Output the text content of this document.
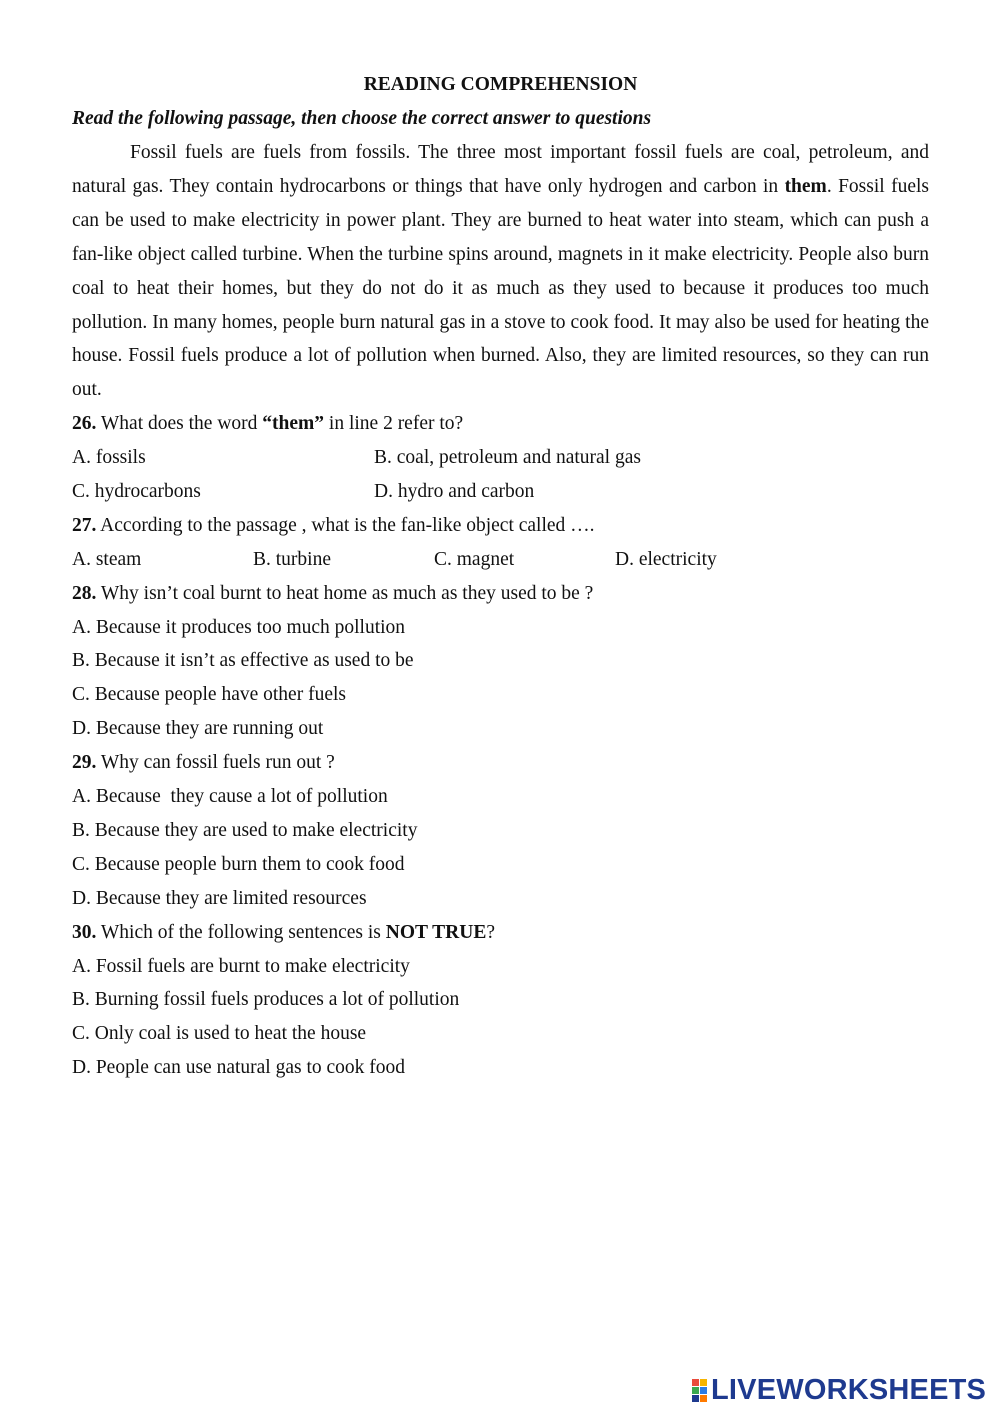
READING COMPREHENSION
Read the following passage, then choose the correct answer to questions

Fossil fuels are fuels from fossils. The three most important fossil fuels are coal, petroleum, and natural gas. They contain hydrocarbons or things that have only hydrogen and carbon in them. Fossil fuels can be used to make electricity in power plant. They are burned to heat water into steam, which can push a fan-like object called turbine. When the turbine spins around, magnets in it make electricity. People also burn coal to heat their homes, but they do not do it as much as they used to because it produces too much pollution. In many homes, people burn natural gas in a stove to cook food. It may also be used for heating the house. Fossil fuels produce a lot of pollution when burned. Also, they are limited resources, so they can run out.

26. What does the word “them” in line 2 refer to?
A. fossils	B. coal, petroleum and natural gas
C. hydrocarbons	D. hydro and carbon
27. According to the passage , what is the fan-like object called ….
A. steam	B. turbine	C. magnet	D. electricity
28. Why isn’t coal burnt to heat home as much as they used to be ?
A. Because it produces too much pollution
B. Because it isn’t as effective as used to be
C. Because people have other fuels
D. Because they are running out
29. Why can fossil fuels run out ?
A. Because  they cause a lot of pollution
B. Because they are used to make electricity
C. Because people burn them to cook food
D. Because they are limited resources
30. Which of the following sentences is NOT TRUE?
A. Fossil fuels are burnt to make electricity
B. Burning fossil fuels produces a lot of pollution
C. Only coal is used to heat the house
D. People can use natural gas to cook food
LIVEWORKSHEETS
